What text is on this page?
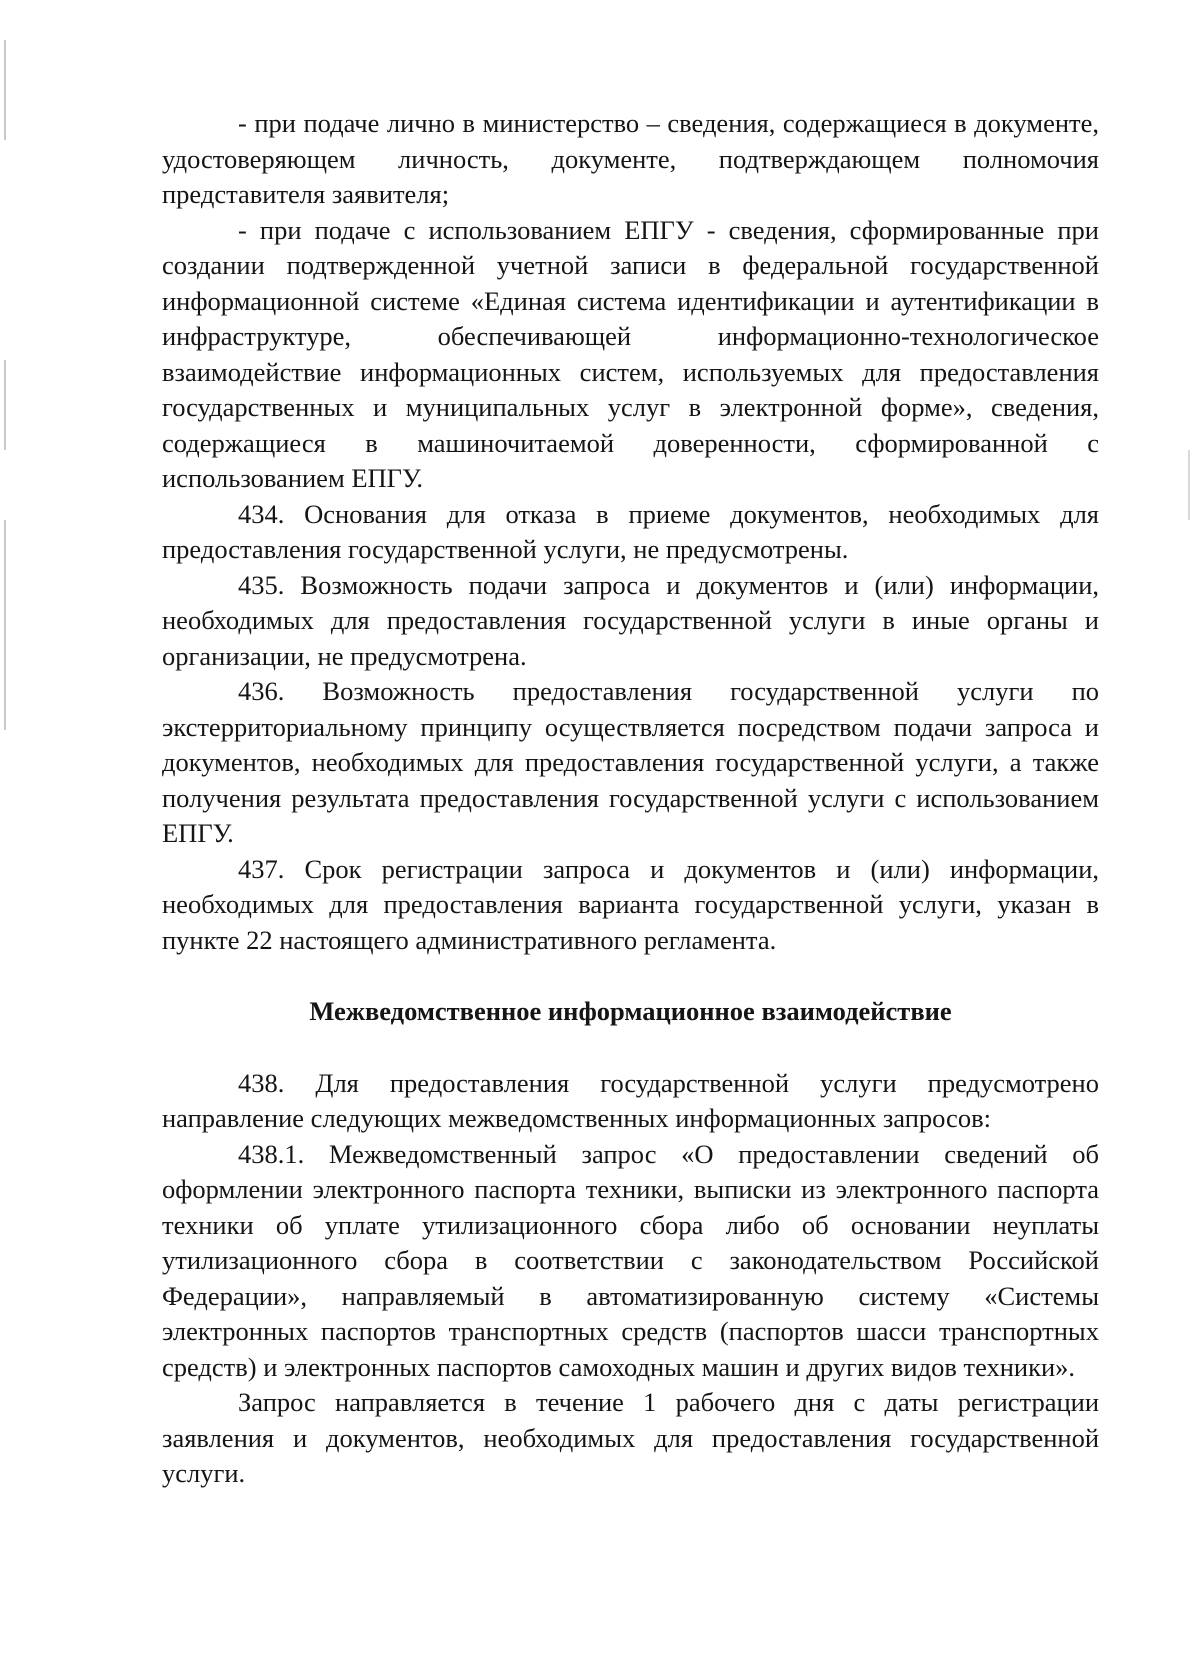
- при подаче лично в министерство – сведения, содержащиеся в документе, удостоверяющем личность, документе, подтверждающем полномочия представителя заявителя;

- при подаче с использованием ЕПГУ - сведения, сформированные при создании подтвержденной учетной записи в федеральной государственной информационной системе «Единая система идентификации и аутентификации в инфраструктуре, обеспечивающей информационно-технологическое взаимодействие информационных систем, используемых для предоставления государственных и муниципальных услуг в электронной форме», сведения, содержащиеся в машиночитаемой доверенности, сформированной с использованием ЕПГУ.

434. Основания для отказа в приеме документов, необходимых для предоставления государственной услуги, не предусмотрены.

435. Возможность подачи запроса и документов и (или) информации, необходимых для предоставления государственной услуги в иные органы и организации, не предусмотрена.

436. Возможность предоставления государственной услуги по экстерриториальному принципу осуществляется посредством подачи запроса и документов, необходимых для предоставления государственной услуги, а также получения результата предоставления государственной услуги с использованием ЕПГУ.

437. Срок регистрации запроса и документов и (или) информации, необходимых для предоставления варианта государственной услуги, указан в пункте 22 настоящего административного регламента.

Межведомственное информационное взаимодействие

438. Для предоставления государственной услуги предусмотрено направление следующих межведомственных информационных запросов:

438.1. Межведомственный запрос «О предоставлении сведений об оформлении электронного паспорта техники, выписки из электронного паспорта техники об уплате утилизационного сбора либо об основании неуплаты утилизационного сбора в соответствии с законодательством Российской Федерации», направляемый в автоматизированную систему «Системы электронных паспортов транспортных средств (паспортов шасси транспортных средств) и электронных паспортов самоходных машин и других видов техники».

Запрос направляется в течение 1 рабочего дня с даты регистрации заявления и документов, необходимых для предоставления государственной услуги.
